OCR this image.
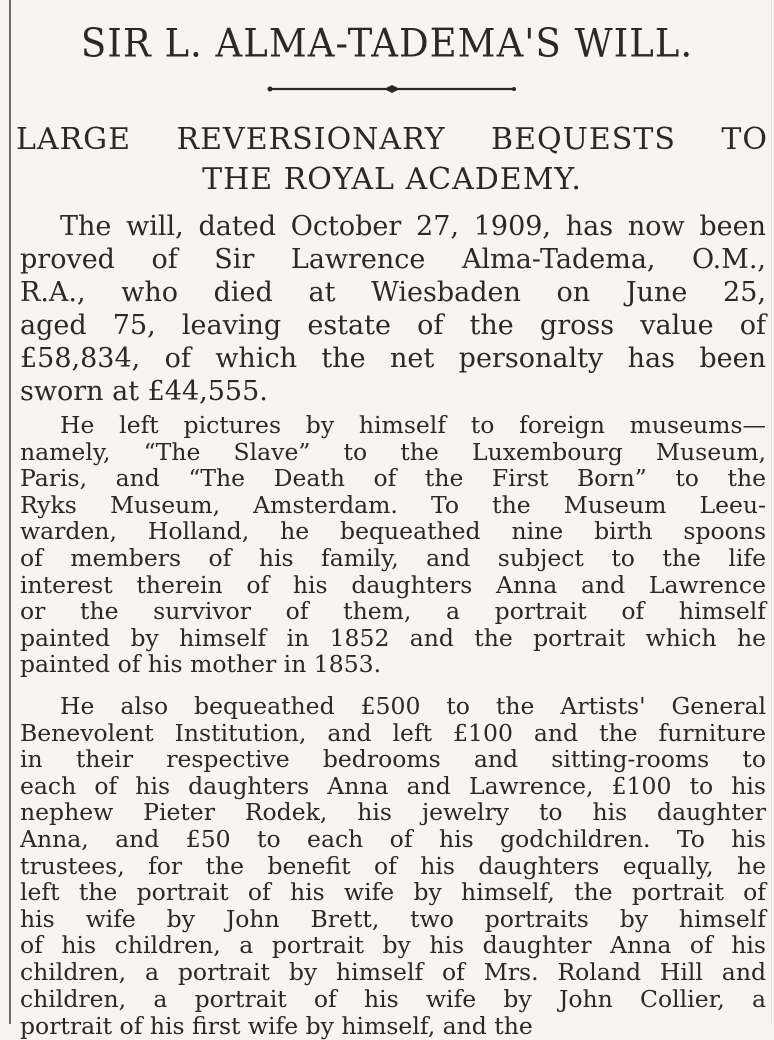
SIR L. ALMA-TADEMA'S WILL.
LARGE REVERSIONARY BEQUESTS TO
THE ROYAL ACADEMY.
The will, dated October 27, 1909, has now been
proved of Sir Lawrence Alma-Tadema, O.M.,
R.A., who died at Wiesbaden on June 25,
aged 75, leaving estate of the gross value of
£58,834, of which the net personalty has been
sworn at £44,555.
He left pictures by himself to foreign museums—
namely, “The Slave” to the Luxembourg Museum,
Paris, and “The Death of the First Born” to the
Ryks Museum, Amsterdam. To the Museum Leeu-
warden, Holland, he bequeathed nine birth spoons
of members of his family, and subject to the life
interest therein of his daughters Anna and Lawrence
or the survivor of them, a portrait of himself
painted by himself in 1852 and the portrait which he
painted of his mother in 1853.
He also bequeathed £500 to the Artists' General
Benevolent Institution, and left £100 and the furniture
in their respective bedrooms and sitting-rooms to
each of his daughters Anna and Lawrence, £100 to his
nephew Pieter Rodek, his jewelry to his daughter
Anna, and £50 to each of his godchildren. To his
trustees, for the benefit of his daughters equally, he
left the portrait of his wife by himself, the portrait of
his wife by John Brett, two portraits by himself
of his children, a portrait by his daughter Anna of his
children, a portrait by himself of Mrs. Roland Hill and
children, a portrait of his wife by John Collier, a
portrait of his first wife by himself, and the
